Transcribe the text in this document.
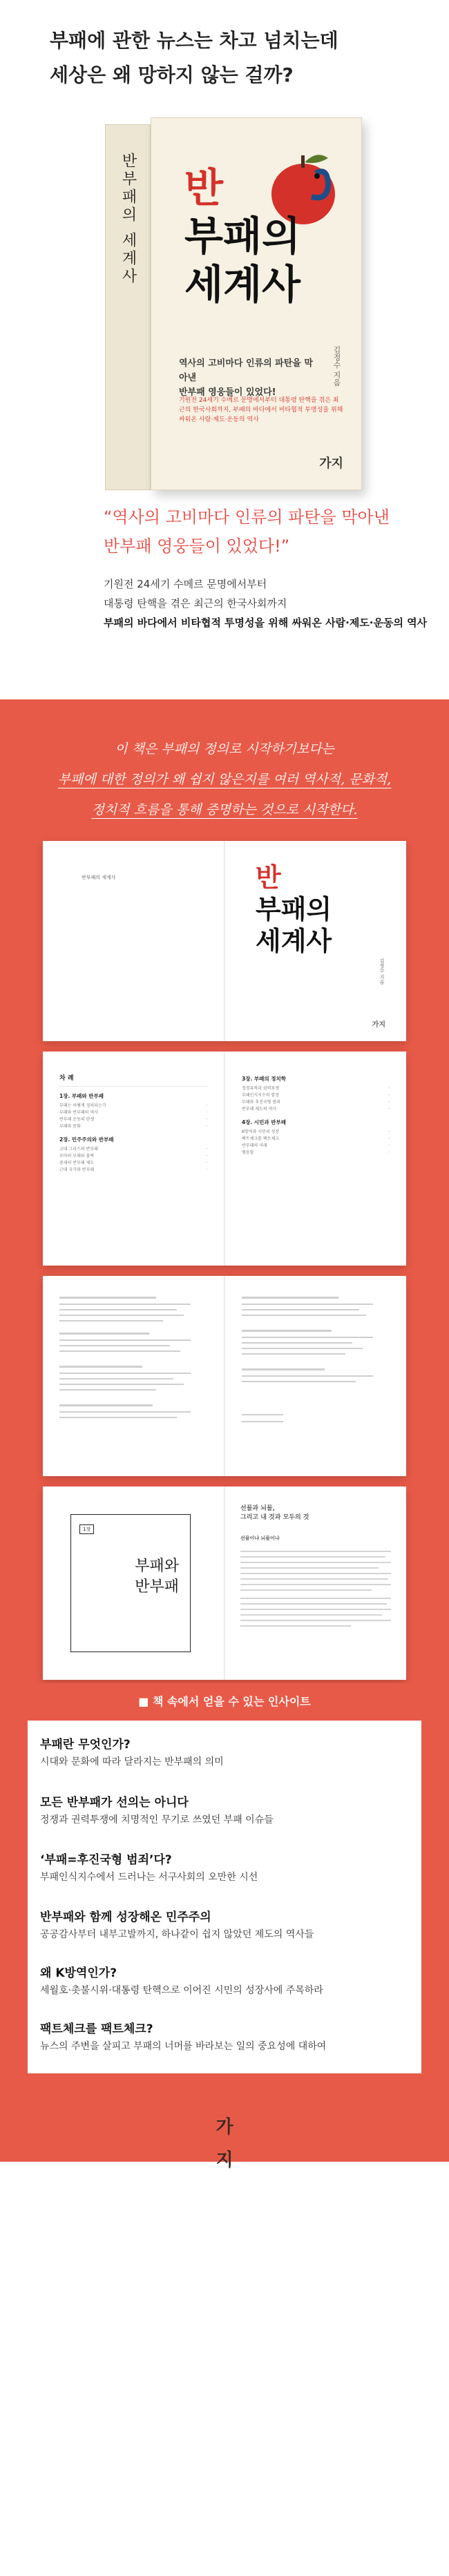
부패에 관한 뉴스는 차고 넘치는데
세상은 왜 망하지 않는 걸까?
반부패의 세계사 반
부패의
세계사
김정수 지음
역사의 고비마다 인류의 파탄을 막아낸
반부패 영웅들이 있었다!
기원전 24세기 수메르 문명에서부터 대통령 탄핵을 겪은 최근의 한국사회까지, 부패의 바다에서 비타협적 투명성을 위해 싸워온 사람·제도·운동의 역사
가지
“역사의 고비마다 인류의 파탄을 막아낸
반부패 영웅들이 있었다!”
기원전 24세기 수메르 문명에서부터
대통령 탄핵을 겪은 최근의 한국사회까지
부패의 바다에서 비타협적 투명성을 위해 싸워온 사람·제도·운동의 역사
이 책은 부패의 정의로 시작하기보다는
부패에 대한 정의가 왜 쉽지 않은지를 여러 역사적, 문화적,
정치적 흐름을 통해 증명하는 것으로 시작한다.
반부패의 세계사	반
부패의
세계사
김정수 지음
가지
차 례
1장. 부패와 반부패
부패는 어떻게 정의되는가	·
부패와 반부패의 역사	·
반부패 운동의 탄생	·
부패와 문화	·
2장. 민주주의와 반부패
고대 그리스의 반부패	·
로마의 부패와 몰락	·
중세의 반부패 제도	·
근대 국가와 반부패	·
3장. 부패의 정치학
정경유착과 권력투쟁	·
부패인식지수의 함정	·
부패와 후진국형 범죄	·
반부패 제도의 역사	·
4장. 시민과 반부패
K방역과 시민의 성장	·
팩트체크를 팩트체크	·
반부패의 미래	·
맺음말	·
1장
부패와
반부패
선물과 뇌물,
그리고 내 것과 모두의 것
선물이냐 뇌물이냐
■ 책 속에서 얻을 수 있는 인사이트
부패란 무엇인가?
시대와 문화에 따라 달라지는 반부패의 의미
모든 반부패가 선의는 아니다
정쟁과 권력투쟁에 치명적인 무기로 쓰였던 부패 이슈들
‘부패=후진국형 범죄’다?
부패인식지수에서 드러나는 서구사회의 오만한 시선
반부패와 함께 성장해온 민주주의
공공감사부터 내부고발까지, 하나같이 쉽지 않았던 제도의 역사들
왜 K방역인가?
세월호·촛불시위·대통령 탄핵으로 이어진 시민의 성장사에 주목하라
팩트체크를 팩트체크?
뉴스의 주변을 살피고 부패의 너머를 바라보는 일의 중요성에 대하여
가지
